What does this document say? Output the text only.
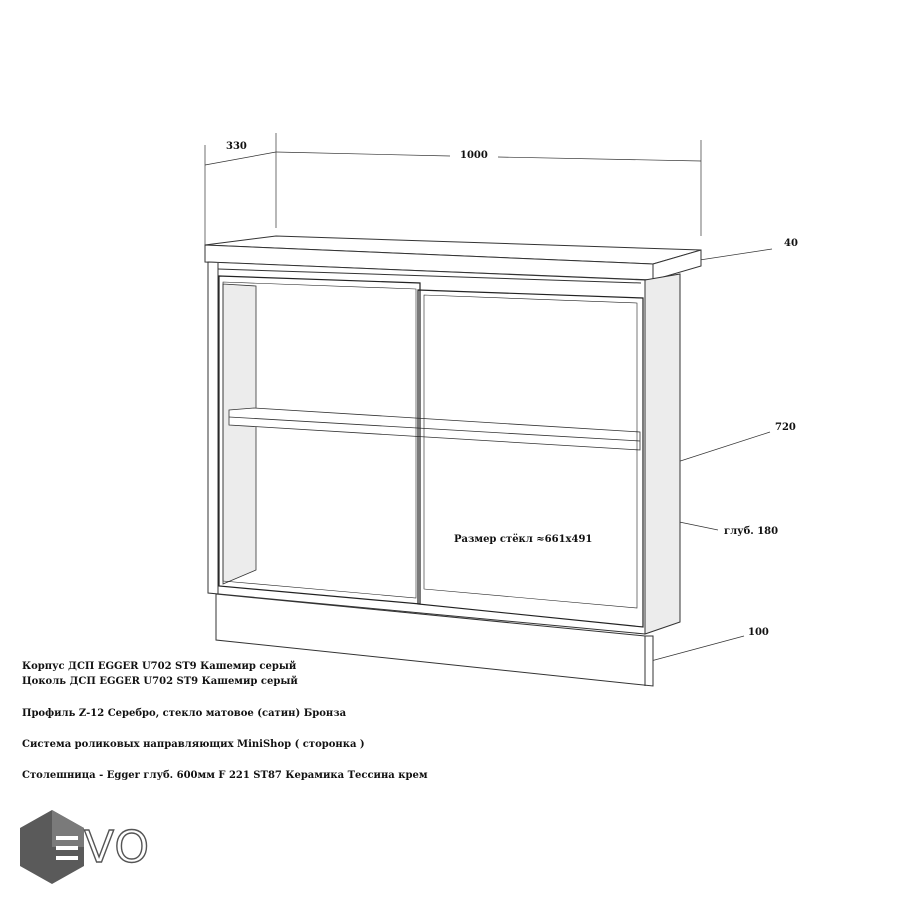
330
1000
40
720
глуб. 180
100
Размер стёкл ≈661х491
VO
Корпус ДСП EGGER U702 ST9 Кашемир серый
Цоколь ДСП EGGER U702 ST9 Кашемир серый
Профиль Z-12 Серебро, стекло матовое (сатин) Бронза
Система роликовых направляющих MiniShop ( сторонка )
Столешница - Egger глуб. 600мм F 221 ST87 Керамика Тессина крем
